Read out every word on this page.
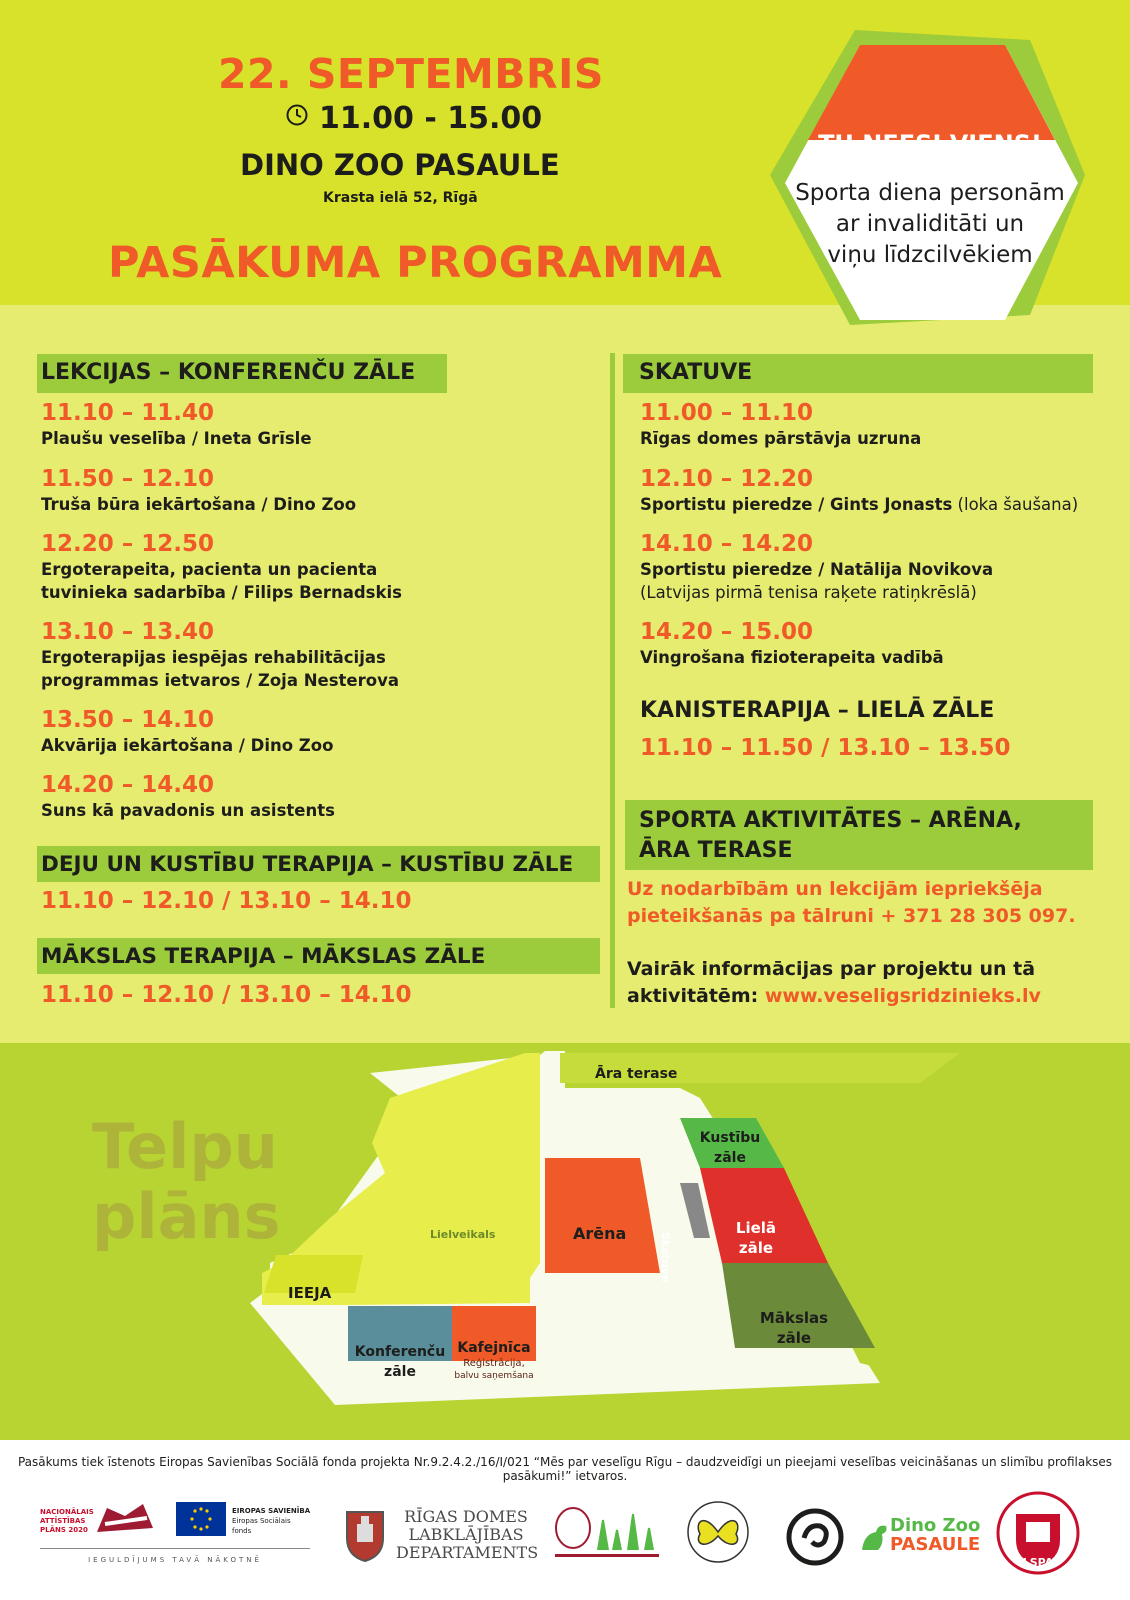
22. SEPTEMBRIS
11.00 - 15.00
DINO ZOO PASAULE
Krasta ielā 52, Rīgā
PASĀKUMA PROGRAMMA
TU NEESI VIENS!
Sporta diena personām
ar invaliditāti un
viņu līdzcilvēkiem
LEKCIJAS – KONFERENČU ZĀLE
11.10 – 11.40
Plaušu veselība / Ineta Grīsle
11.50 – 12.10
Truša būra iekārtošana / Dino Zoo
12.20 – 12.50
Ergoterapeita, pacienta un pacienta
tuvinieka sadarbība / Filips Bernadskis
13.10 – 13.40
Ergoterapijas iespējas rehabilitācijas
programmas ietvaros / Zoja Nesterova
13.50 – 14.10
Akvārija iekārtošana / Dino Zoo
14.20 – 14.40
Suns kā pavadonis un asistents
DEJU UN KUSTĪBU TERAPIJA – KUSTĪBU ZĀLE
11.10 – 12.10 / 13.10 – 14.10
MĀKSLAS TERAPIJA – MĀKSLAS ZĀLE
11.10 – 12.10 / 13.10 – 14.10
SKATUVE
11.00 – 11.10
Rīgas domes pārstāvja uzruna
12.10 – 12.20
Sportistu pieredze / Gints Jonasts (loka šaušana)
14.10 – 14.20
Sportistu pieredze / Natālija Novikova
(Latvijas pirmā tenisa raķete ratiņkrēslā)
14.20 – 15.00
Vingrošana fizioterapeita vadībā
KANISTERAPIJA – LIELĀ ZĀLE
11.10 – 11.50 / 13.10 – 13.50
SPORTA AKTIVITĀTES – ARĒNA,
ĀRA TERASE
Uz nodarbībām un lekcijām iepriekšēja
pieteikšanās pa tālruni + 371 28 305 097.
Vairāk informācijas par projektu un tā
aktivitātēm: www.veseligsridzinieks.lv
Telpu
plāns
Āra terase
Kustību
zāle
Lielveikals	Arēna	Skatuve
Lielā
zāle
IEEJA
Mākslas
zāle
Konferenču
zāle
Kafejnīca
Reģistrācija,
balvu saņemšana
Pasākums tiek īstenots Eiropas Savienības Sociālā fonda projekta Nr.9.2.4.2./16/I/021 “Mēs par veselīgu Rīgu – daudzveidīgi un pieejami veselības veicināšanas un slimību profilakses pasākumi!” ietvaros.
NACIONĀLAIS
ATTĪSTĪBAS
PLĀNS 2020
EIROPAS SAVIENĪBA
Eiropas Sociālais
fonds
IEGULDĪJUMS TAVĀ NĀKOTNĒ
RĪGAS DOMES
LABKLĀJĪBAS
DEPARTAMENTS
Dino Zoo
PASAULE
LSPA
